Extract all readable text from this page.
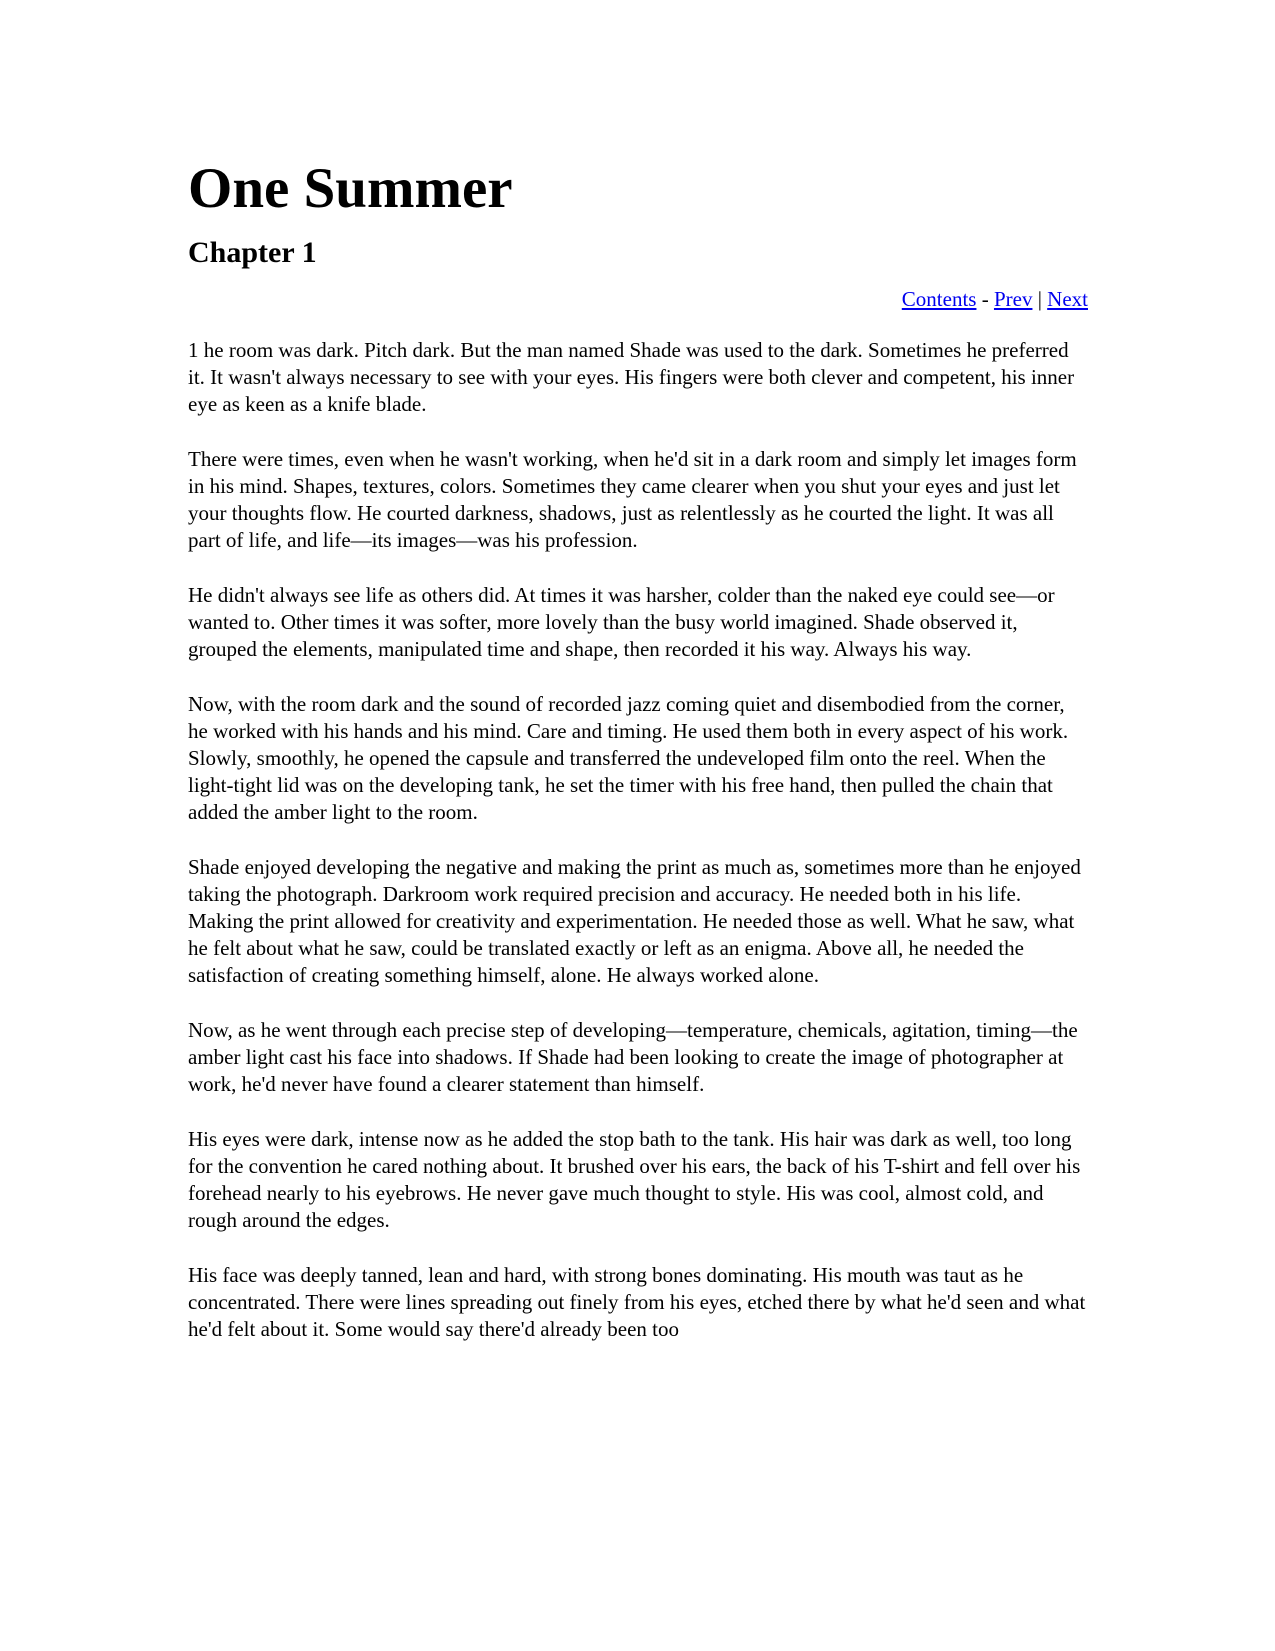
One Summer
Chapter 1
Contents - Prev | Next

1 he room was dark. Pitch dark. But the man named Shade was used to the dark. Sometimes he preferred it. It wasn't always necessary to see with your eyes. His fingers were both clever and competent, his inner eye as keen as a knife blade.

There were times, even when he wasn't working, when he'd sit in a dark room and simply let images form in his mind. Shapes, textures, colors. Sometimes they came clearer when you shut your eyes and just let your thoughts flow. He courted darkness, shadows, just as relentlessly as he courted the light. It was all part of life, and life—its images—was his profession.

He didn't always see life as others did. At times it was harsher, colder than the naked eye could see—or wanted to. Other times it was softer, more lovely than the busy world imagined. Shade observed it, grouped the elements, manipulated time and shape, then recorded it his way. Always his way.

Now, with the room dark and the sound of recorded jazz coming quiet and disembodied from the corner, he worked with his hands and his mind. Care and timing. He used them both in every aspect of his work. Slowly, smoothly, he opened the capsule and transferred the undeveloped film onto the reel. When the light-tight lid was on the developing tank, he set the timer with his free hand, then pulled the chain that added the amber light to the room.

Shade enjoyed developing the negative and making the print as much as, sometimes more than he enjoyed taking the photograph. Darkroom work required precision and accuracy. He needed both in his life. Making the print allowed for creativity and experimentation. He needed those as well. What he saw, what he felt about what he saw, could be translated exactly or left as an enigma. Above all, he needed the satisfaction of creating something himself, alone. He always worked alone.

Now, as he went through each precise step of developing—temperature, chemicals, agitation, timing—the amber light cast his face into shadows. If Shade had been looking to create the image of photographer at work, he'd never have found a clearer statement than himself.

His eyes were dark, intense now as he added the stop bath to the tank. His hair was dark as well, too long for the convention he cared nothing about. It brushed over his ears, the back of his T-shirt and fell over his forehead nearly to his eyebrows. He never gave much thought to style. His was cool, almost cold, and rough around the edges.

His face was deeply tanned, lean and hard, with strong bones dominating. His mouth was taut as he concentrated. There were lines spreading out finely from his eyes, etched there by what he'd seen and what he'd felt about it. Some would say there'd already been too
